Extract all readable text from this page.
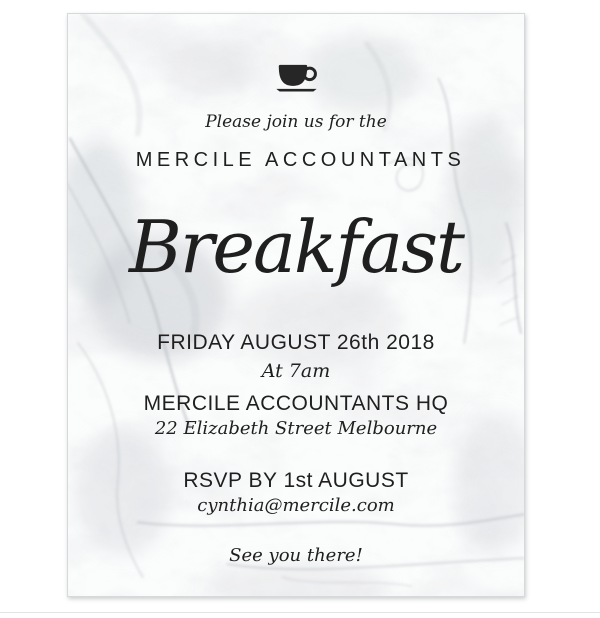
Please join us for the
MERCILE ACCOUNTANTS
Breakfast
FRIDAY AUGUST 26th 2018
At 7am
MERCILE ACCOUNTANTS HQ
22 Elizabeth Street Melbourne
RSVP BY 1st AUGUST
cynthia@mercile.com
See you there!
